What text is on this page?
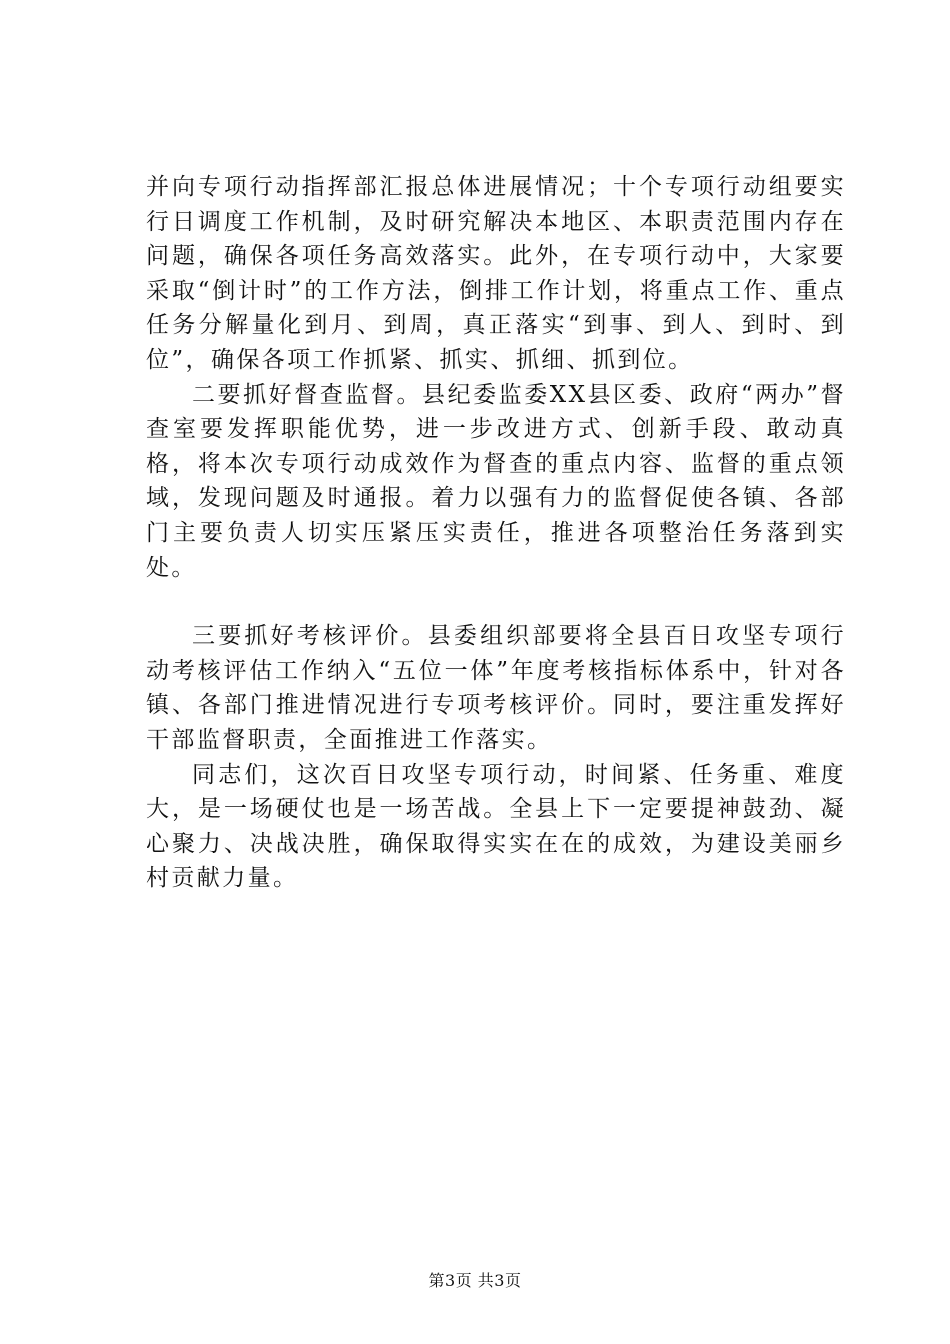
并向专项行动指挥部汇报总体进展情况；十个专项行动组要实行日调度工作机制，及时研究解决本地区、本职责范围内存在问题，确保各项任务高效落实。此外，在专项行动中，大家要采取“倒计时”的工作方法，倒排工作计划，将重点工作、重点任务分解量化到月、到周，真正落实“到事、到人、到时、到位”，确保各项工作抓紧、抓实、抓细、抓到位。

二要抓好督查监督。县纪委监委XX县区委、政府“两办”督查室要发挥职能优势，进一步改进方式、创新手段、敢动真格，将本次专项行动成效作为督查的重点内容、监督的重点领域，发现问题及时通报。着力以强有力的监督促使各镇、各部门主要负责人切实压紧压实责任，推进各项整治任务落到实处。

三要抓好考核评价。县委组织部要将全县百日攻坚专项行动考核评估工作纳入“五位一体”年度考核指标体系中，针对各镇、各部门推进情况进行专项考核评价。同时，要注重发挥好干部监督职责，全面推进工作落实。

同志们，这次百日攻坚专项行动，时间紧、任务重、难度大，是一场硬仗也是一场苦战。全县上下一定要提神鼓劲、凝心聚力、决战决胜，确保取得实实在在的成效，为建设美丽乡村贡献力量。

第3页 共3页
